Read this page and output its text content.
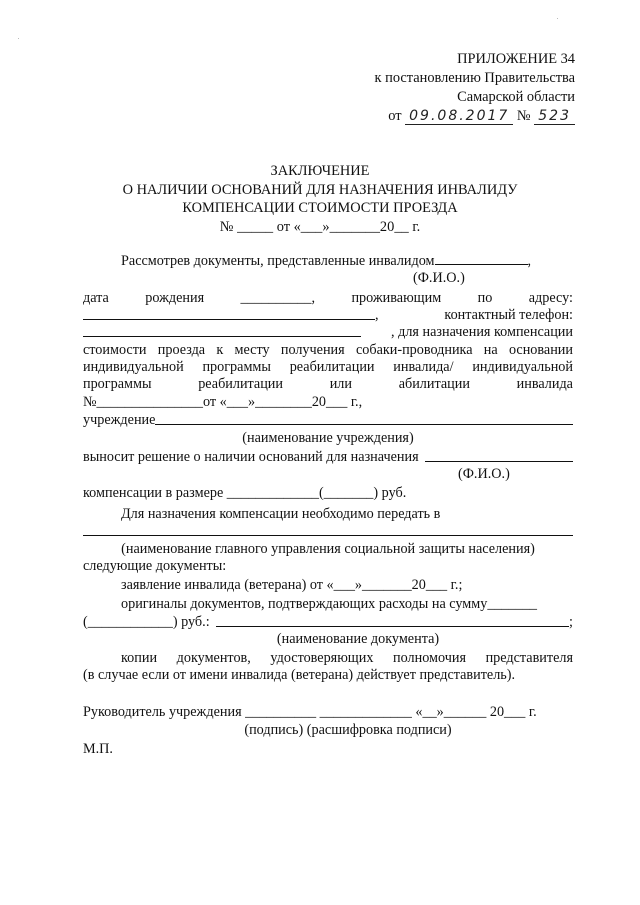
ПРИЛОЖЕНИЕ 34
к постановлению Правительства
Самарской области
от 09.08.2017 № 523
ЗАКЛЮЧЕНИЕ
О НАЛИЧИИ ОСНОВАНИЙ ДЛЯ НАЗНАЧЕНИЯ ИНВАЛИДУ
КОМПЕНСАЦИИ СТОИМОСТИ ПРОЕЗДА
№ _____ от «___»_______20__ г.
Рассмотрев документы, представленные инвалидом	,
(Ф.И.О.)
дата	рождения	__________,	проживающим	по	адресу:
,	контактный телефон:
, для назначения компенсации
стоимости проезда к месту получения собаки-проводника на основании
индивидуальной программы реабилитации инвалида/ индивидуальной
программы	реабилитации	или	абилитации	инвалида
№_______________от «___»________20___ г.,
учреждение
(наименование учреждения)
выносит решение о наличии оснований для назначения
(Ф.И.О.)
компенсации в размере _____________(_______) руб.
Для назначения компенсации необходимо передать в
(наименование главного управления социальной защиты населения)
следующие документы:
заявление инвалида (ветерана) от «___»_______20___ г.;
оригиналы документов, подтверждающих расходы на сумму_______
(____________) руб.:	;
(наименование документа)
копии документов, удостоверяющих полномочия представителя
(в случае если от имени инвалида (ветерана) действует представитель).
Руководитель учреждения __________ _____________ «__»______ 20___ г.
(подпись) (расшифровка подписи)
М.П.
